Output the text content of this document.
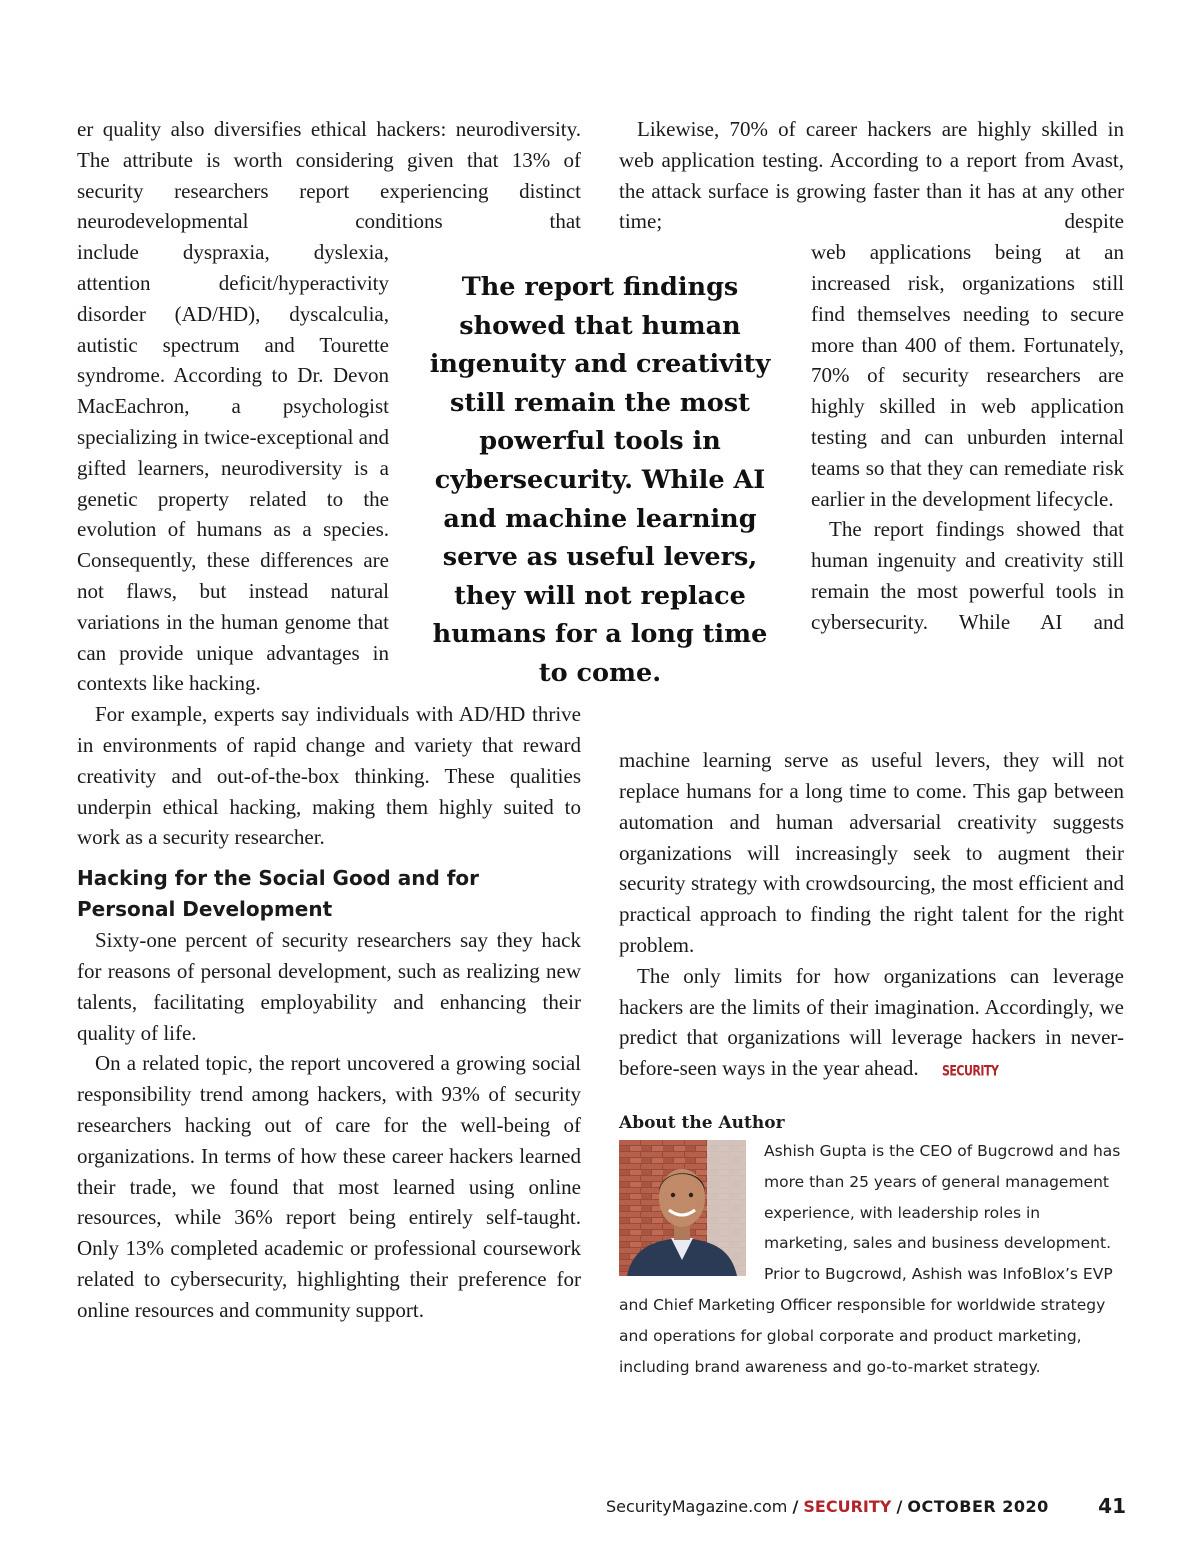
er quality also diversifies ethical hackers: neurodiversity. The attribute is worth considering given that 13% of security researchers report experiencing distinct neurodevelopmental conditions that

include dyspraxia, dyslexia, attention deficit/hyperactivity disorder (AD/HD), dyscalculia, autistic spectrum and Tourette syndrome. According to Dr. Devon MacEachron, a psychologist specializing in twice-exceptional and gifted learners, neurodiversity is a genetic property related to the evolution of humans as a species. Consequently, these differences are not flaws, but instead natural variations in the human genome that can provide unique advantages in contexts like hacking.

For example, experts say individuals with AD/HD thrive in environments of rapid change and variety that reward creativity and out-of-the-box thinking. These qualities underpin ethical hacking, making them highly suited to work as a security researcher.

Hacking for the Social Good and for Personal Development

Sixty-one percent of security researchers say they hack for reasons of personal development, such as realizing new talents, facilitating employability and enhancing their quality of life.

On a related topic, the report uncovered a growing social responsibility trend among hackers, with 93% of security researchers hacking out of care for the well-being of organizations. In terms of how these career hackers learned their trade, we found that most learned using online resources, while 36% report being entirely self-taught. Only 13% completed academic or professional coursework related to cybersecurity, highlighting their preference for online resources and community support.

The report findings showed that human ingenuity and creativity still remain the most powerful tools in cybersecurity. While AI and machine learning serve as useful levers, they will not replace humans for a long time to come.

Likewise, 70% of career hackers are highly skilled in web application testing. According to a report from Avast, the attack surface is growing faster than it has at any other time; despite

web applications being at an increased risk, organizations still find themselves needing to secure more than 400 of them. Fortunately, 70% of security researchers are highly skilled in web application testing and can unburden internal teams so that they can remediate risk earlier in the development lifecycle.

The report findings showed that human ingenuity and creativity still remain the most powerful tools in cybersecurity. While AI and

machine learning serve as useful levers, they will not replace humans for a long time to come. This gap between automation and human adversarial creativity suggests organizations will increasingly seek to augment their security strategy with crowdsourcing, the most efficient and practical approach to finding the right talent for the right problem.

The only limits for how organizations can leverage hackers are the limits of their imagination. Accordingly, we predict that organizations will leverage hackers in never-before-seen ways in the year ahead. SECURITY

About the Author

Ashish Gupta is the CEO of Bugcrowd and has more than 25 years of general management experience, with leadership roles in marketing, sales and business development. Prior to Bugcrowd, Ashish was InfoBlox’s EVP and Chief Marketing Officer responsible for worldwide strategy and operations for global corporate and product marketing, including brand awareness and go-to-market strategy.

SecurityMagazine.com / SECURITY / OCTOBER 2020 41
